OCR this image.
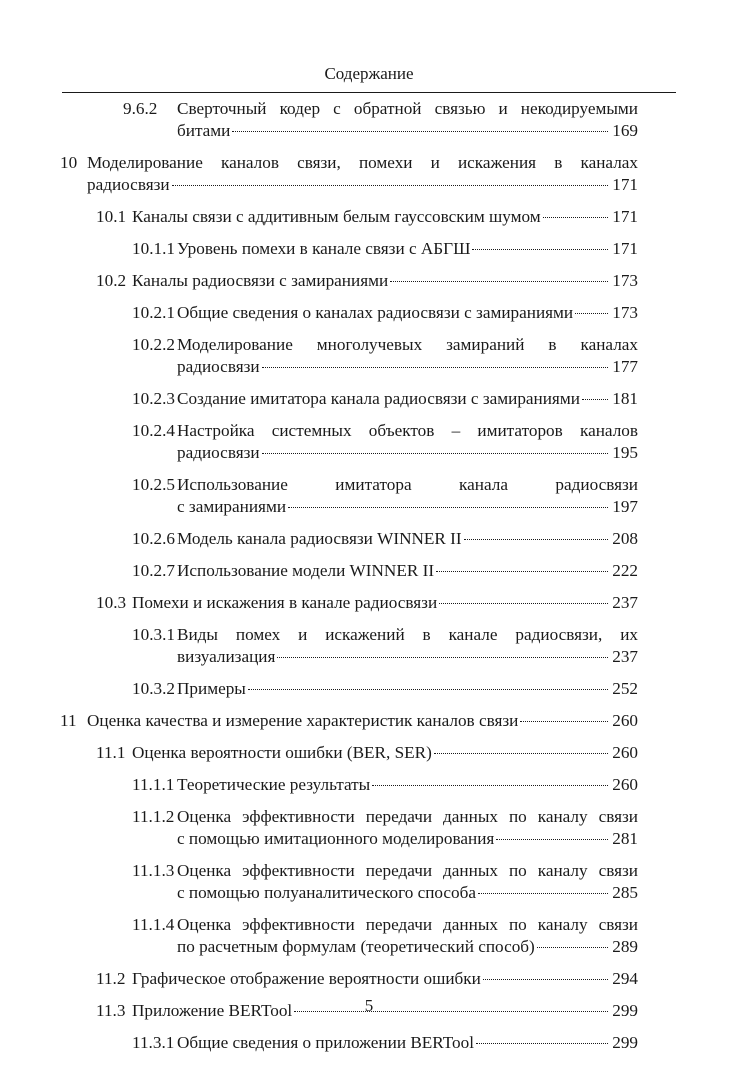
Содержание
9.6.2	Сверточный кодер с обратной связью и некодируемыми
битами	169
10 Моделирование каналов связи, помехи и искажения в каналах
радиосвязи	171
10.1 Каналы связи с аддитивным белым гауссовским шумом	171
10.1.1 Уровень помехи в канале связи с АБГШ	171
10.2 Каналы радиосвязи с замираниями	173
10.2.1 Общие сведения о каналах радиосвязи с замираниями 173
10.2.2 Моделирование многолучевых замираний в каналах
радиосвязи	177
10.2.3 Создание имитатора канала радиосвязи с замираниями 181
10.2.4 Настройка системных объектов – имитаторов каналов
радиосвязи	195
10.2.5 Использование имитатора канала радиосвязи
с замираниями	197
10.2.6 Модель канала радиосвязи WINNER II	208
10.2.7 Использование модели WINNER II	222
10.3 Помехи и искажения в канале радиосвязи	237
10.3.1 Виды помех и искажений в канале радиосвязи, их
визуализация	237
10.3.2 Примеры	252
11 Оценка качества и измерение характеристик каналов связи	260
11.1 Оценка вероятности ошибки (BER, SER)	260
11.1.1 Теоретические результаты	260
11.1.2 Оценка эффективности передачи данных по каналу связи
с помощью имитационного моделирования	281
11.1.3 Оценка эффективности передачи данных по каналу связи
с помощью полуаналитического способа	285
11.1.4 Оценка эффективности передачи данных по каналу связи
по расчетным формулам (теоретический способ)	289
11.2 Графическое отображение вероятности ошибки	294
11.3 Приложение BERTool	299
11.3.1 Общие сведения о приложении BERTool	299
5
